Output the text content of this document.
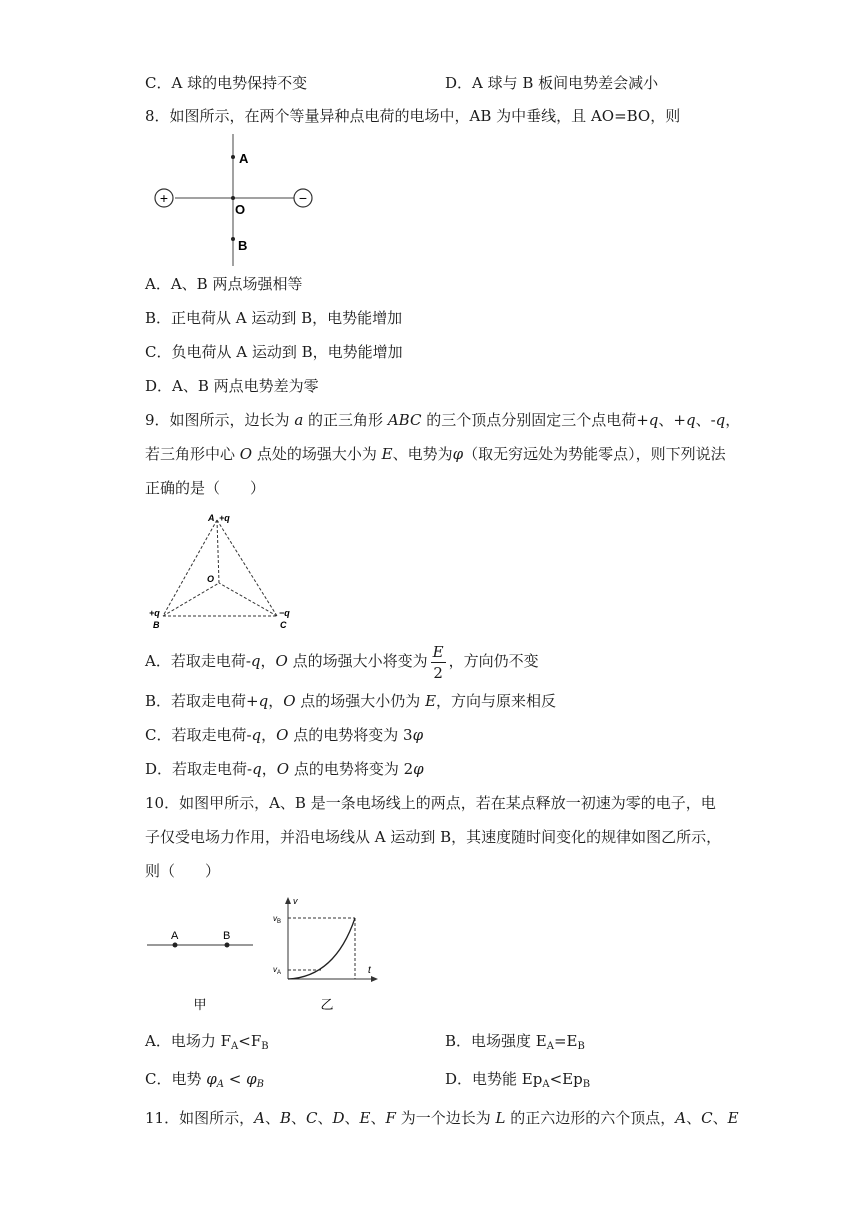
C．A 球的电势保持不变	D．A 球与 B 板间电势差会减小
8．如图所示，在两个等量异种点电荷的电场中，AB 为中垂线，且 AO=BO，则
+	−
A
O
B
A．A、B 两点场强相等
B．正电荷从 A 运动到 B，电势能增加
C．负电荷从 A 运动到 B，电势能增加
D．A、B 两点电势差为零
9．如图所示，边长为 a 的正三角形 ABC 的三个顶点分别固定三个点电荷+q、+q、-q，
若三角形中心 O 点处的场强大小为 E、电势为φ（取无穷远处为势能零点），则下列说法
正确的是（　　）
A +q
O
+q
B
−q
C
A．若取走电荷-q，O 点的场强大小将变为 $\frac{E}{2}$ ，方向仍不变
B．若取走电荷+q，O 点的场强大小仍为 E，方向与原来相反
C．若取走电荷-q，O 点的电势将变为 3φ
D．若取走电荷-q，O 点的电势将变为 2φ
10．如图甲所示，A、B 是一条电场线上的两点，若在某点释放一初速为零的电子，电
子仅受电场力作用，并沿电场线从 A 运动到 B，其速度随时间变化的规律如图乙所示，
则（　　）
A	B
甲
v
$v_B$
$v_A$	t
乙
A．电场力 $F_A<F_B$	B．电场强度 $E_A=E_B$
C．电势 $\varphi_A < \varphi_B$	D．电势能 $Ep_A<Ep_B$
11．如图所示，A、B、C、D、E、F 为一个边长为 L 的正六边形的六个顶点，A、C、E
